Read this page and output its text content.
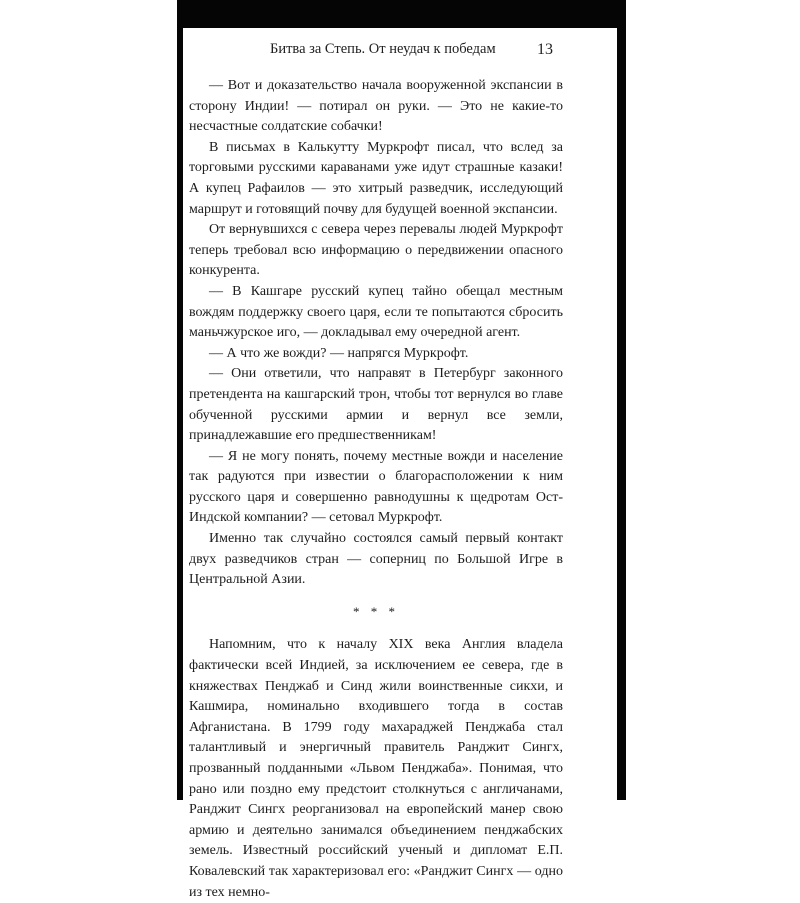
Битва за Степь. От неудач к победам	13

— Вот и доказательство начала вооруженной экспансии в сторону Индии! — потирал он руки. — Это не какие-то несчастные солдатские собачки!

В письмах в Калькутту Муркрофт писал, что вслед за торговыми русскими караванами уже идут страшные казаки! А купец Рафаилов — это хитрый разведчик, исследующий маршрут и готовящий почву для будущей военной экспансии.

От вернувшихся с севера через перевалы людей Муркрофт теперь требовал всю информацию о передвижении опасного конкурента.

— В Кашгаре русский купец тайно обещал местным вождям поддержку своего царя, если те попытаются сбросить маньчжурское иго, — докладывал ему очередной агент.

— А что же вожди? — напрягся Муркрофт.

— Они ответили, что направят в Петербург законного претендента на кашгарский трон, чтобы тот вернулся во главе обученной русскими армии и вернул все земли, принадлежавшие его предшественникам!

— Я не могу понять, почему местные вожди и население так радуются при известии о благорасположении к ним русского царя и совершенно равнодушны к щедротам Ост-Индской компании? — сетовал Муркрофт.

Именно так случайно состоялся самый первый контакт двух разведчиков стран — соперниц по Большой Игре в Центральной Азии.

* * *

Напомним, что к началу XIX века Англия владела фактически всей Индией, за исключением ее севера, где в княжествах Пенджаб и Синд жили воинственные сикхи, и Кашмира, номинально входившего тогда в состав Афганистана. В 1799 году махараджей Пенджаба стал талантливый и энергичный правитель Ранджит Сингх, прозванный подданными «Львом Пенджаба». Понимая, что рано или поздно ему предстоит столкнуться с англичанами, Ранджит Сингх реорганизовал на европейский манер свою армию и деятельно занимался объединением пенджабских земель. Известный российский ученый и дипломат Е.П. Ковалевский так характеризовал его: «Ранджит Сингх — одно из тех немно-
